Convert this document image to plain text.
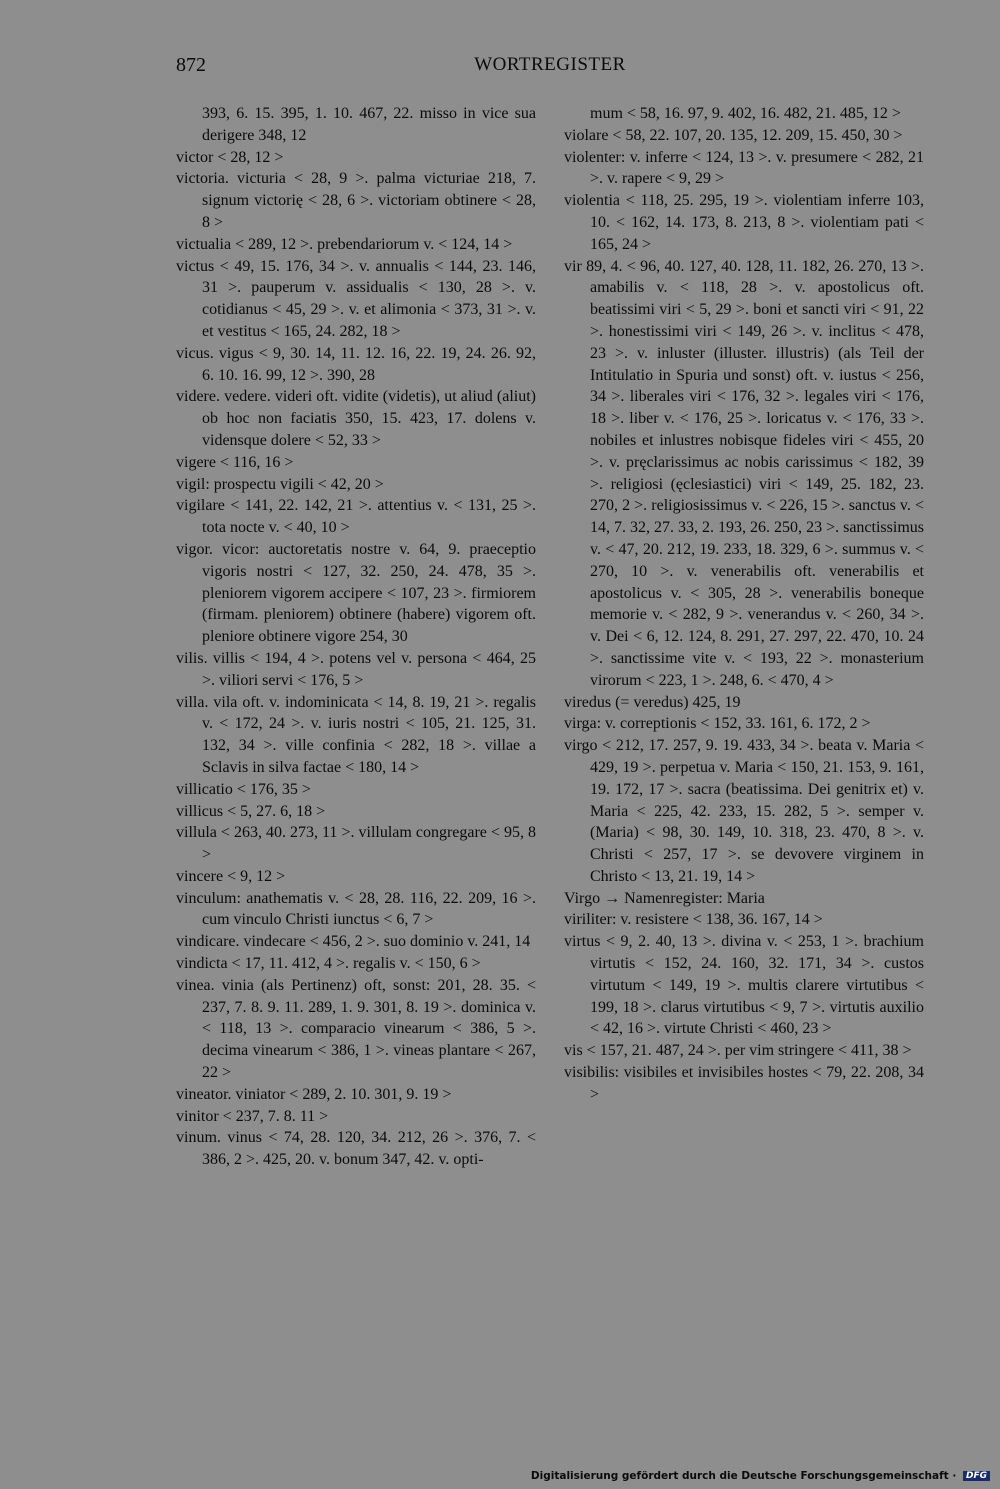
872	WORTREGISTER

393, 6. 15. 395, 1. 10. 467, 22. misso in vice sua derigere 348, 12

victor < 28, 12 >

victoria. victuria < 28, 9 >. palma victuriae 218, 7. signum victorię < 28, 6 >. victoriam obtinere < 28, 8 >

victualia < 289, 12 >. prebendariorum v. < 124, 14 >

victus < 49, 15. 176, 34 >. v. annualis < 144, 23. 146, 31 >. pauperum v. assidualis < 130, 28 >. v. cotidianus < 45, 29 >. v. et alimonia < 373, 31 >. v. et vestitus < 165, 24. 282, 18 >

vicus. vigus < 9, 30. 14, 11. 12. 16, 22. 19, 24. 26. 92, 6. 10. 16. 99, 12 >. 390, 28

videre. vedere. videri oft. vidite (videtis), ut aliud (aliut) ob hoc non faciatis 350, 15. 423, 17. dolens v. vidensque dolere < 52, 33 >

vigere < 116, 16 >

vigil: prospectu vigili < 42, 20 >

vigilare < 141, 22. 142, 21 >. attentius v. < 131, 25 >. tota nocte v. < 40, 10 >

vigor. vicor: auctoretatis nostre v. 64, 9. praeceptio vigoris nostri < 127, 32. 250, 24. 478, 35 >. pleniorem vigorem accipere < 107, 23 >. firmiorem (firmam. pleniorem) obtinere (habere) vigorem oft. pleniore obtinere vigore 254, 30

vilis. villis < 194, 4 >. potens vel v. persona < 464, 25 >. viliori servi < 176, 5 >

villa. vila oft. v. indominicata < 14, 8. 19, 21 >. regalis v. < 172, 24 >. v. iuris nostri < 105, 21. 125, 31. 132, 34 >. ville confinia < 282, 18 >. villae a Sclavis in silva factae < 180, 14 >

villicatio < 176, 35 >

villicus < 5, 27. 6, 18 >

villula < 263, 40. 273, 11 >. villulam congregare < 95, 8 >

vincere < 9, 12 >

vinculum: anathematis v. < 28, 28. 116, 22. 209, 16 >. cum vinculo Christi iunctus < 6, 7 >

vindicare. vindecare < 456, 2 >. suo dominio v. 241, 14

vindicta < 17, 11. 412, 4 >. regalis v. < 150, 6 >

vinea. vinia (als Pertinenz) oft, sonst: 201, 28. 35. < 237, 7. 8. 9. 11. 289, 1. 9. 301, 8. 19 >. dominica v. < 118, 13 >. comparacio vinearum < 386, 5 >. decima vinearum < 386, 1 >. vineas plantare < 267, 22 >

vineator. viniator < 289, 2. 10. 301, 9. 19 >

vinitor < 237, 7. 8. 11 >

vinum. vinus < 74, 28. 120, 34. 212, 26 >. 376, 7. < 386, 2 >. 425, 20. v. bonum 347, 42. v. opti-

mum < 58, 16. 97, 9. 402, 16. 482, 21. 485, 12 >

violare < 58, 22. 107, 20. 135, 12. 209, 15. 450, 30 >

violenter: v. inferre < 124, 13 >. v. presumere < 282, 21 >. v. rapere < 9, 29 >

violentia < 118, 25. 295, 19 >. violentiam inferre 103, 10. < 162, 14. 173, 8. 213, 8 >. violentiam pati < 165, 24 >

vir 89, 4. < 96, 40. 127, 40. 128, 11. 182, 26. 270, 13 >. amabilis v. < 118, 28 >. v. apostolicus oft. beatissimi viri < 5, 29 >. boni et sancti viri < 91, 22 >. honestissimi viri < 149, 26 >. v. inclitus < 478, 23 >. v. inluster (illuster. illustris) (als Teil der Intitulatio in Spuria und sonst) oft. v. iustus < 256, 34 >. liberales viri < 176, 32 >. legales viri < 176, 18 >. liber v. < 176, 25 >. loricatus v. < 176, 33 >. nobiles et inlustres nobisque fideles viri < 455, 20 >. v. pręclarissimus ac nobis carissimus < 182, 39 >. religiosi (ęclesiastici) viri < 149, 25. 182, 23. 270, 2 >. religiosissimus v. < 226, 15 >. sanctus v. < 14, 7. 32, 27. 33, 2. 193, 26. 250, 23 >. sanctissimus v. < 47, 20. 212, 19. 233, 18. 329, 6 >. summus v. < 270, 10 >. v. venerabilis oft. venerabilis et apostolicus v. < 305, 28 >. venerabilis boneque memorie v. < 282, 9 >. venerandus v. < 260, 34 >. v. Dei < 6, 12. 124, 8. 291, 27. 297, 22. 470, 10. 24 >. sanctissime vite v. < 193, 22 >. monasterium virorum < 223, 1 >. 248, 6. < 470, 4 >

viredus (= veredus) 425, 19

virga: v. correptionis < 152, 33. 161, 6. 172, 2 >

virgo < 212, 17. 257, 9. 19. 433, 34 >. beata v. Maria < 429, 19 >. perpetua v. Maria < 150, 21. 153, 9. 161, 19. 172, 17 >. sacra (beatissima. Dei genitrix et) v. Maria < 225, 42. 233, 15. 282, 5 >. semper v. (Maria) < 98, 30. 149, 10. 318, 23. 470, 8 >. v. Christi < 257, 17 >. se devovere virginem in Christo < 13, 21. 19, 14 >

Virgo → Namenregister: Maria

viriliter: v. resistere < 138, 36. 167, 14 >

virtus < 9, 2. 40, 13 >. divina v. < 253, 1 >. brachium virtutis < 152, 24. 160, 32. 171, 34 >. custos virtutum < 149, 19 >. multis clarere virtutibus < 199, 18 >. clarus virtutibus < 9, 7 >. virtutis auxilio < 42, 16 >. virtute Christi < 460, 23 >

vis < 157, 21. 487, 24 >. per vim stringere < 411, 38 >

visibilis: visibiles et invisibiles hostes < 79, 22. 208, 34 >

Digitalisierung gefördert durch die Deutsche Forschungsgemeinschaft · DFG
